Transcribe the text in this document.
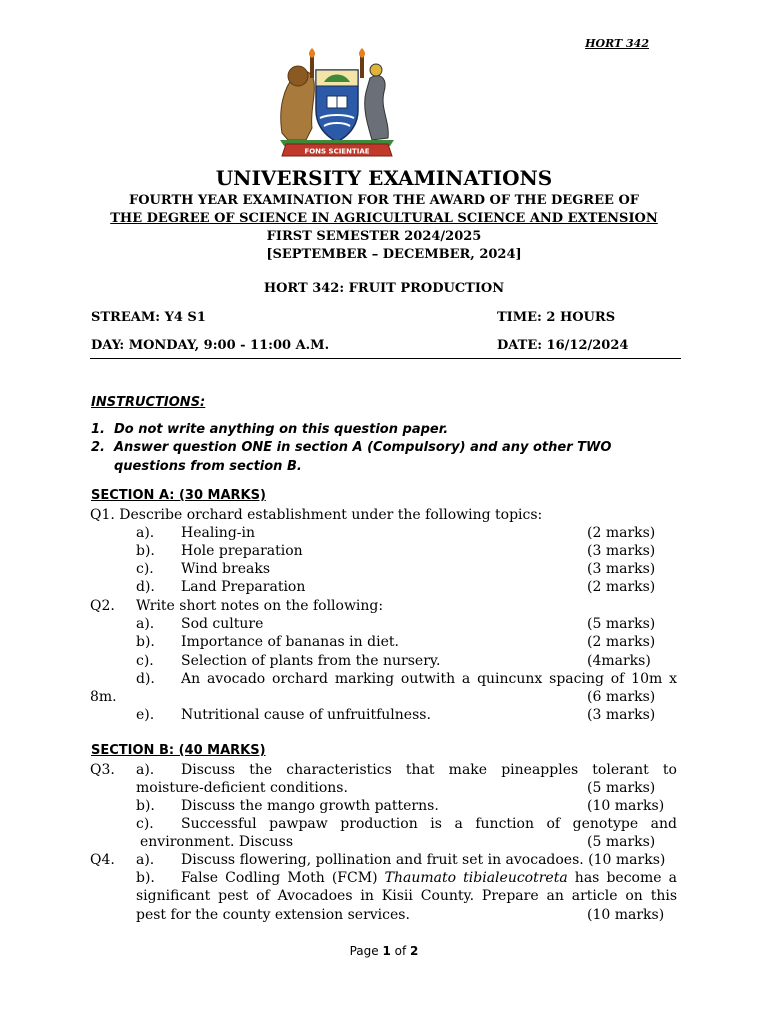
HORT 342
FONS SCIENTIAE
UNIVERSITY EXAMINATIONS
FOURTH YEAR EXAMINATION FOR THE AWARD OF THE DEGREE OF
THE DEGREE OF SCIENCE IN AGRICULTURAL SCIENCE AND EXTENSION
FIRST SEMESTER 2024/2025
[SEPTEMBER – DECEMBER, 2024]
HORT 342: FRUIT PRODUCTION
STREAM: Y4 S1	TIME: 2 HOURS
DAY: MONDAY, 9:00 - 11:00 A.M.	DATE: 16/12/2024
INSTRUCTIONS:
1. Do not write anything on this question paper.
2. Answer question ONE in section A (Compulsory) and any other TWO
questions from section B.
SECTION A: (30 MARKS)
Q1. Describe orchard establishment under the following topics:
a). Healing-in	(2 marks)
b). Hole preparation	(3 marks)
c). Wind breaks	(3 marks)
d). Land Preparation	(2 marks)
Q2. Write short notes on the following:
a). Sod culture	(5 marks)
b). Importance of bananas in diet.	(2 marks)
c). Selection of plants from the nursery.	(4marks)
d). An avocado orchard marking outwith a quincunx spacing of 10m x
8m.	(6 marks)
e). Nutritional cause of unfruitfulness.	(3 marks)
SECTION B: (40 MARKS)
Q3. a). Discuss the characteristics that make pineapples tolerant to
moisture-deficient conditions.	(5 marks)
b). Discuss the mango growth patterns.	(10 marks)
c). Successful pawpaw production is a function of genotype and
environment. Discuss	(5 marks)
Q4. a). Discuss flowering, pollination and fruit set in avocadoes. (10 marks)
b). False Codling Moth (FCM) Thaumato tibialeucotreta has become a
significant pest of Avocadoes in Kisii County. Prepare an article on this
pest for the county extension services.	(10 marks)
Page 1 of 2
